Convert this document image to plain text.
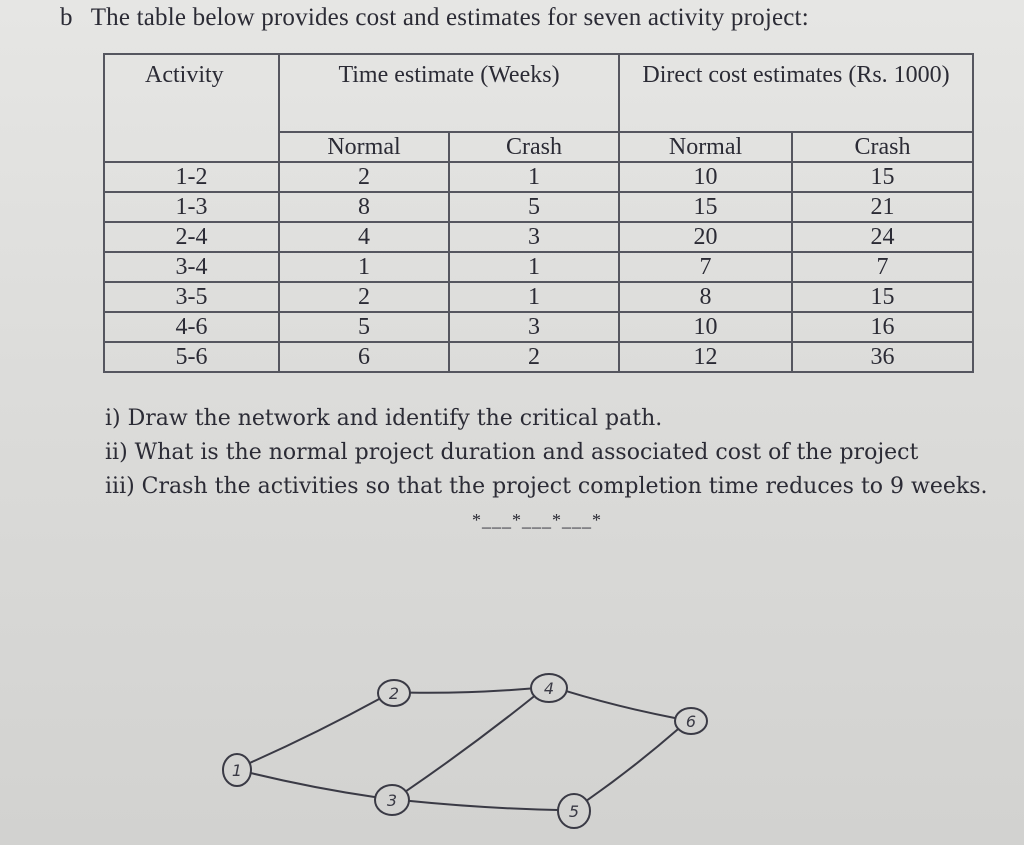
b The table below provides cost and estimates for seven activity project:
Activity	Time estimate (Weeks)		Direct cost estimates (Rs. 1000)	
	Normal	Crash	Normal	Crash
1-2	2	1	10	15
1-3	8	5	15	21
2-4	4	3	20	24
3-4	1	1	7	7
3-5	2	1	8	15
4-6	5	3	10	16
5-6	6	2	12	36
i) Draw the network and identify the critical path.
ii) What is the normal project duration and associated cost of the project
iii) Crash the activities so that the project completion time reduces to 9 weeks.
*___*___*___*
1
2
3
4
5
6
